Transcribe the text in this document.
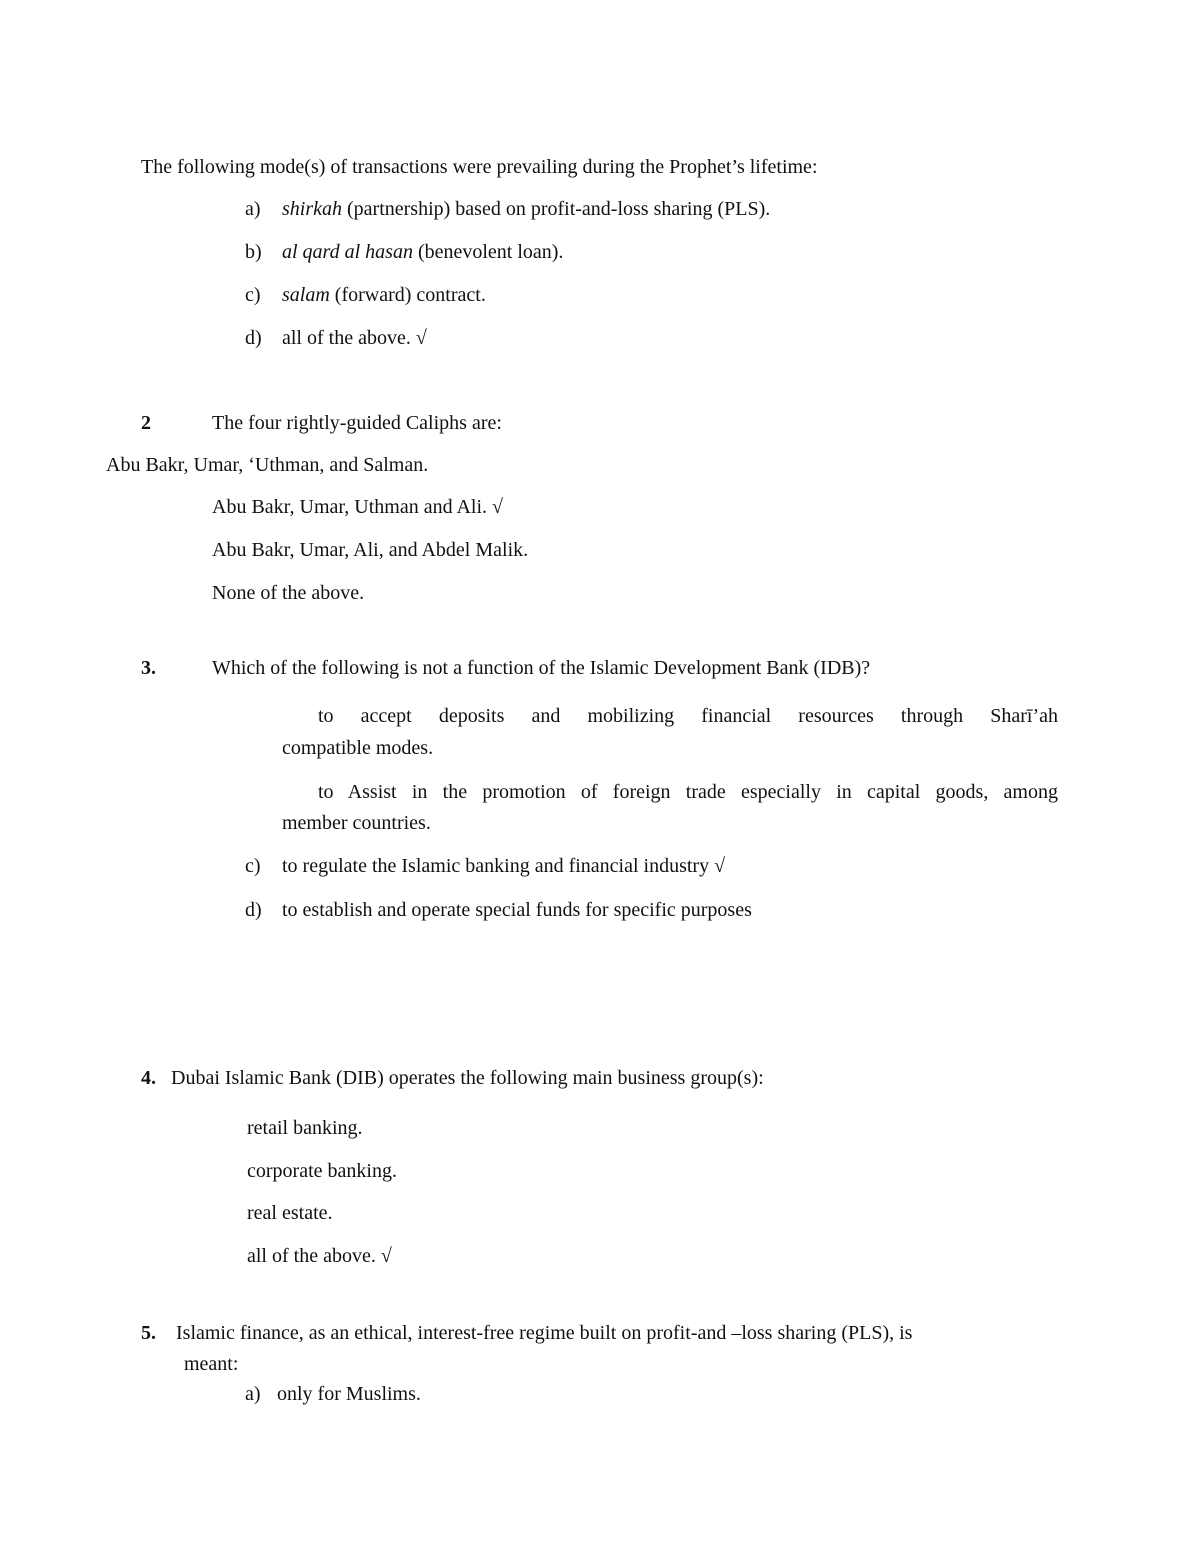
The following mode(s) of transactions were prevailing during the Prophet’s lifetime:
a) shirkah (partnership) based on profit-and-loss sharing (PLS).
b) al qard al hasan (benevolent loan).
c) salam (forward) contract.
d) all of the above. √
2	The four rightly-guided Caliphs are:
Abu Bakr, Umar, ‘Uthman, and Salman.
Abu Bakr, Umar, Uthman and Ali. √
Abu Bakr, Umar, Ali, and Abdel Malik.
None of the above.
3.	Which of the following is not a function of the Islamic Development Bank (IDB)?
to accept deposits and mobilizing financial resources through Sharī’ah
compatible modes.
to Assist in the promotion of foreign trade especially in capital goods, among
member countries.
c) to regulate the Islamic banking and financial industry √
d) to establish and operate special funds for specific purposes
4. Dubai Islamic Bank (DIB) operates the following main business group(s):
retail banking.
corporate banking.
real estate.
all of the above. √
5. Islamic finance, as an ethical, interest-free regime built on profit-and –loss sharing (PLS), is
meant:
a) only for Muslims.
